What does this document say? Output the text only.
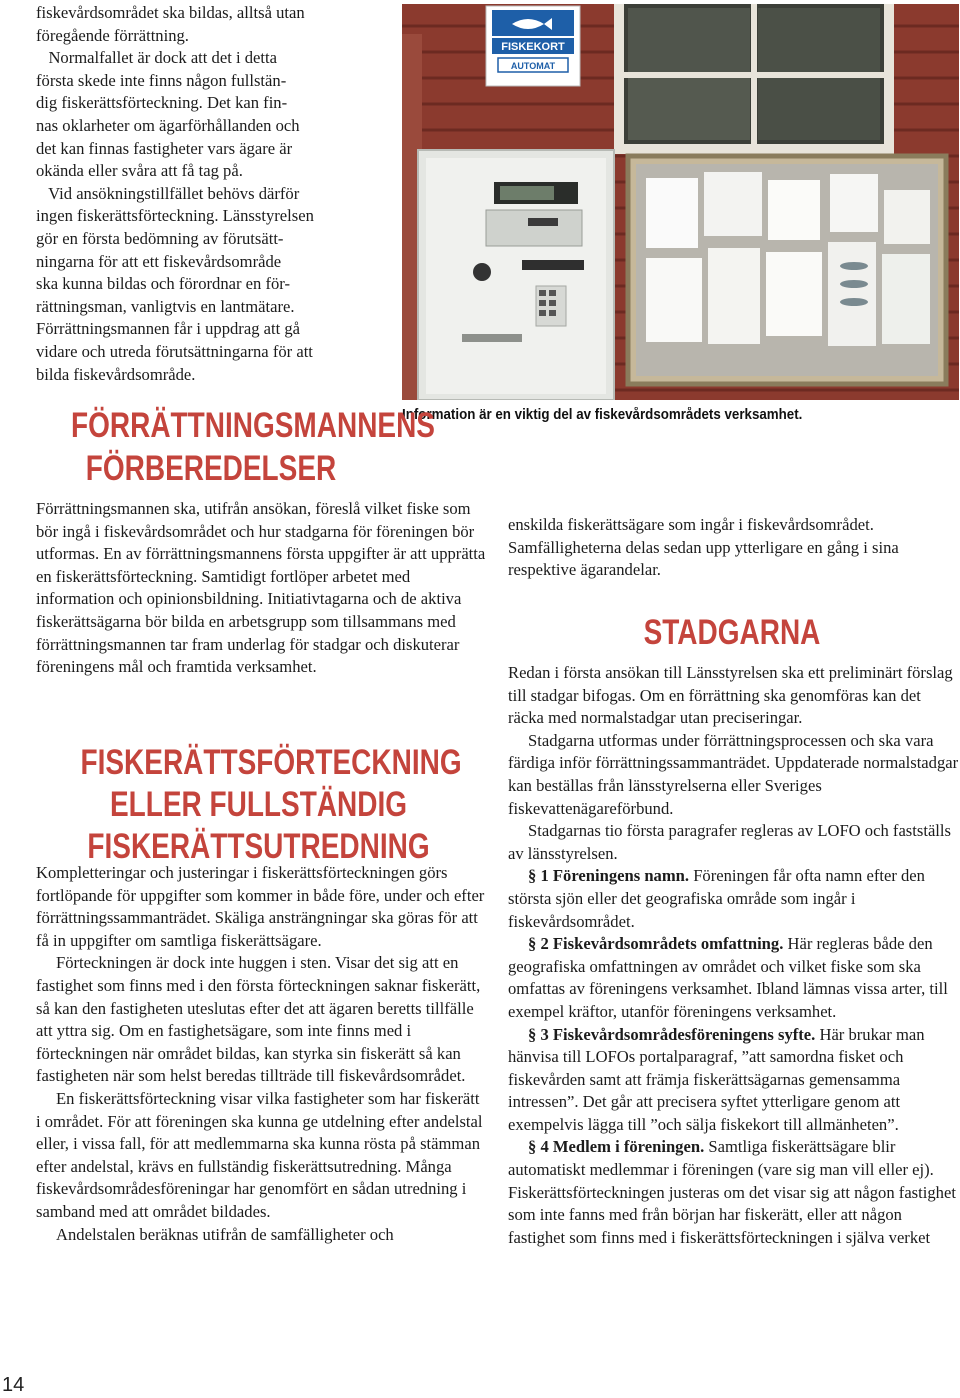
fiskevårdsområdet ska bildas, alltså utan
föregående förrättning.
Normalfallet är dock att det i detta
första skede inte finns någon fullstän-
dig fiskerättsförteckning. Det kan fin-
nas oklarheter om ägarförhållanden och
det kan finnas fastigheter vars ägare är
okända eller svåra att få tag på.
Vid ansökningstillfället behövs därför
ingen fiskerättsförteckning. Länsstyrelsen
gör en första bedömning av förutsätt-
ningarna för att ett fiskevårdsområde
ska kunna bildas och förordnar en för-
rättningsman, vanligtvis en lantmätare.
Förrättningsmannen får i uppdrag att gå
vidare och utreda förutsättningarna för att
bilda fiskevårdsområde.
FISKEKORT
AUTOMAT
Information är en viktig del av fiskevårdsområdets verksamhet.
FÖRRÄTTNINGSMANNENS
FÖRBEREDELSER

Förrättningsmannen ska, utifrån ansökan, föreslå vilket fiske som bör ingå i fiskevårdsområdet och hur stadgarna för föreningen bör utformas. En av förrättningsmannens första uppgifter är att upprätta en fiskerättsförteckning. Samtidigt fortlöper arbetet med information och opinionsbildning. Initiativtagarna och de aktiva fiskerättsägarna bör bilda en arbetsgrupp som tillsammans med förrättningsmannen tar fram underlag för stadgar och diskuterar föreningens mål och framtida verksamhet.

FISKERÄTTSFÖRTECKNING
ELLER FULLSTÄNDIG
FISKERÄTTSUTREDNING

Kompletteringar och justeringar i fiskerättsförteckningen görs fortlöpande för uppgifter som kommer in både före, under och efter förrättningssammanträdet. Skäliga ansträngningar ska göras för att få in uppgifter om samtliga fiskerättsägare.

Förteckningen är dock inte huggen i sten. Visar det sig att en fastighet som finns med i den första förteckningen saknar fiskerätt, så kan den fastigheten uteslutas efter det att ägaren beretts tillfälle att yttra sig. Om en fastighetsägare, som inte finns med i förteckningen när området bildas, kan styrka sin fiskerätt så kan fastigheten när som helst beredas tillträde till fiskevårdsområdet.

En fiskerättsförteckning visar vilka fastigheter som har fiskerätt i området. För att föreningen ska kunna ge utdelning efter andelstal eller, i vissa fall, för att medlemmarna ska kunna rösta på stämman efter andelstal, krävs en fullständig fiskerättsutredning. Många fiskevårdsområdesföreningar har genomfört en sådan utredning i samband med att området bildades.

Andelstalen beräknas utifrån de samfälligheter och

enskilda fiskerättsägare som ingår i fiskevårdsområdet. Samfälligheterna delas sedan upp ytterligare en gång i sina respektive ägarandelar.

STADGARNA

Redan i första ansökan till Länsstyrelsen ska ett preliminärt förslag till stadgar bifogas. Om en förrättning ska genomföras kan det räcka med normalstadgar utan preciseringar.

Stadgarna utformas under förrättningsprocessen och ska vara färdiga inför förrättningssammanträdet. Uppdaterade normalstadgar kan beställas från länsstyrelserna eller Sveriges fiskevattenägareförbund.

Stadgarnas tio första paragrafer regleras av LOFO och fastställs av länsstyrelsen.

§ 1 Föreningens namn. Föreningen får ofta namn efter den största sjön eller det geografiska område som ingår i fiskevårdsområdet.

§ 2 Fiskevårdsområdets omfattning. Här regleras både den geografiska omfattningen av området och vilket fiske som ska omfattas av föreningens verksamhet. Ibland lämnas vissa arter, till exempel kräftor, utanför föreningens verksamhet.

§ 3 Fiskevårdsområdesföreningens syfte. Här brukar man hänvisa till LOFOs portalparagraf, ”att samordna fisket och fiskevården samt att främja fiskerättsägarnas gemensamma intressen”. Det går att precisera syftet ytterligare genom att exempelvis lägga till ”och sälja fiskekort till allmänheten”.

§ 4 Medlem i föreningen. Samtliga fiskerättsägare blir automatiskt medlemmar i föreningen (vare sig man vill eller ej). Fiskerättsförteckningen justeras om det visar sig att någon fastighet som inte fanns med från början har fiskerätt, eller att någon fastighet som finns med i fiskerättsförteckningen i själva verket

14
